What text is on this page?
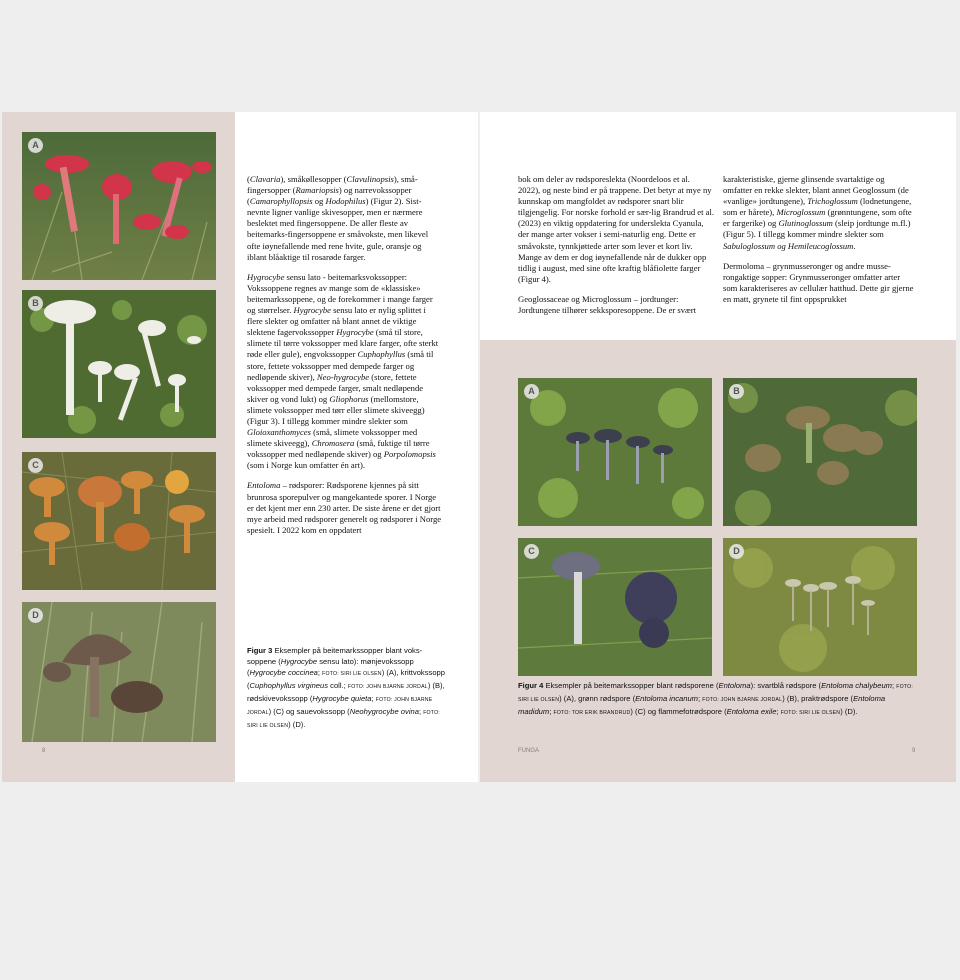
A
B
C
D

(Clavaria), småkøllesopper (Clavulinopsis), små-fingersopper (Ramariopsis) og narrevokssopper (Camarophyllopsis og Hodophilus) (Figur 2). Sist-nevnte ligner vanlige skivesopper, men er nærmere beslektet med fingersoppene. De aller fleste av beitemarks-fingersoppene er småvokste, men likevel ofte iøynefallende med rene hvite, gule, oransje og iblant blåaktige til rosarøde farger.

Hygrocybe sensu lato - beitemarksvokssopper: Vokssoppene regnes av mange som de «klassiske» beitemarkssoppene, og de forekommer i mange farger og størrelser. Hygrocybe sensu lato er nylig splittet i flere slekter og omfatter nå blant annet de viktige slektene fagervokssopper Hygrocybe (små til store, slimete til tørre vokssopper med klare farger, ofte sterkt røde eller gule), engvokssopper Cuphophyllus (små til store, fettete vokssopper med dempede farger og nedløpende skiver), Neo-hygrocybe (store, fettete vokssopper med dempede farger, smalt nedløpende skiver og vond lukt) og Gliophorus (mellomstore, slimete vokssopper med tørr eller slimete skiveegg) (Figur 3). I tillegg kommer mindre slekter som Gloioxanthomyces (små, slimete vokssopper med slimete skiveegg), Chromosera (små, fuktige til tørre vokssopper med nedløpende skiver) og Porpolomopsis (som i Norge kun omfatter én art).

Entoloma – rødsporer: Rødsporene kjennes på sitt brunrosa sporepulver og mangekantede sporer. I Norge er det kjent mer enn 230 arter. De siste årene er det gjort mye arbeid med rødsporer generelt og rødsporer i Norge spesielt. I 2022 kom en oppdatert

Figur 3 Eksempler på beitemarkssopper blant voks-soppene (Hygrocybe sensu lato): mønjevokssopp (Hygrocybe coccinea; FOTO: SIRI LIE OLSEN) (A), krittvokssopp (Cuphophyllus virgineus coll.; FOTO: JOHN BJARNE JORDAL) (B), rødskivevokssopp (Hygrocybe quieta; FOTO: JOHN BJARNE JORDAL) (C) og sauevokssopp (Neohygrocybe ovina; FOTO: SIRI LIE OLSEN) (D).
8

bok om deler av rødsporeslekta (Noordeloos et al. 2022), og neste bind er på trappene. Det betyr at mye ny kunnskap om mangfoldet av rødsporer snart blir tilgjengelig. For norske forhold er sær-lig Brandrud et al. (2023) en viktig oppdatering for underslekta Cyanula, der mange arter vokser i semi-naturlig eng. Dette er småvokste, tynnkjøttede arter som lever et kort liv. Mange av dem er dog iøynefallende når de dukker opp tidlig i august, med sine ofte kraftig blåfiolette farger (Figur 4).

Geoglossaceae og Microglossum – jordtunger: Jordtungene tilhører sekksporesoppene. De er svært

karakteristiske, gjerne glinsende svartaktige og omfatter en rekke slekter, blant annet Geoglossum (de «vanlige» jordtungene), Trichoglossum (lodnetungene, som er hårete), Microglossum (grønntungene, som ofte er fargerike) og Glutinoglossum (sleip jordtunge m.fl.) (Figur 5). I tillegg kommer mindre slekter som Sabuloglossum og Hemileucoglossum.

Dermoloma – grynmusseronger og andre musse-rongaktige sopper: Grynmusseronger omfatter arter som karakteriseres av cellulær hatthud. Dette gir gjerne en matt, grynete til fint oppsprukket

A	B
C	D
Figur 4 Eksempler på beitemarkssopper blant rødsporene (Entoloma): svartblå rødspore (Entoloma chalybeum; FOTO: SIRI LIE OLSEN) (A), grønn rødspore (Entoloma incanum; FOTO: JOHN BJARNE JORDAL) (B), praktrødspore (Entoloma madidum; FOTO: TOR ERIK BRANDRUD) (C) og flammefotrødspore (Entoloma exile; FOTO: SIRI LIE OLSEN) (D).
FUNGA	9
